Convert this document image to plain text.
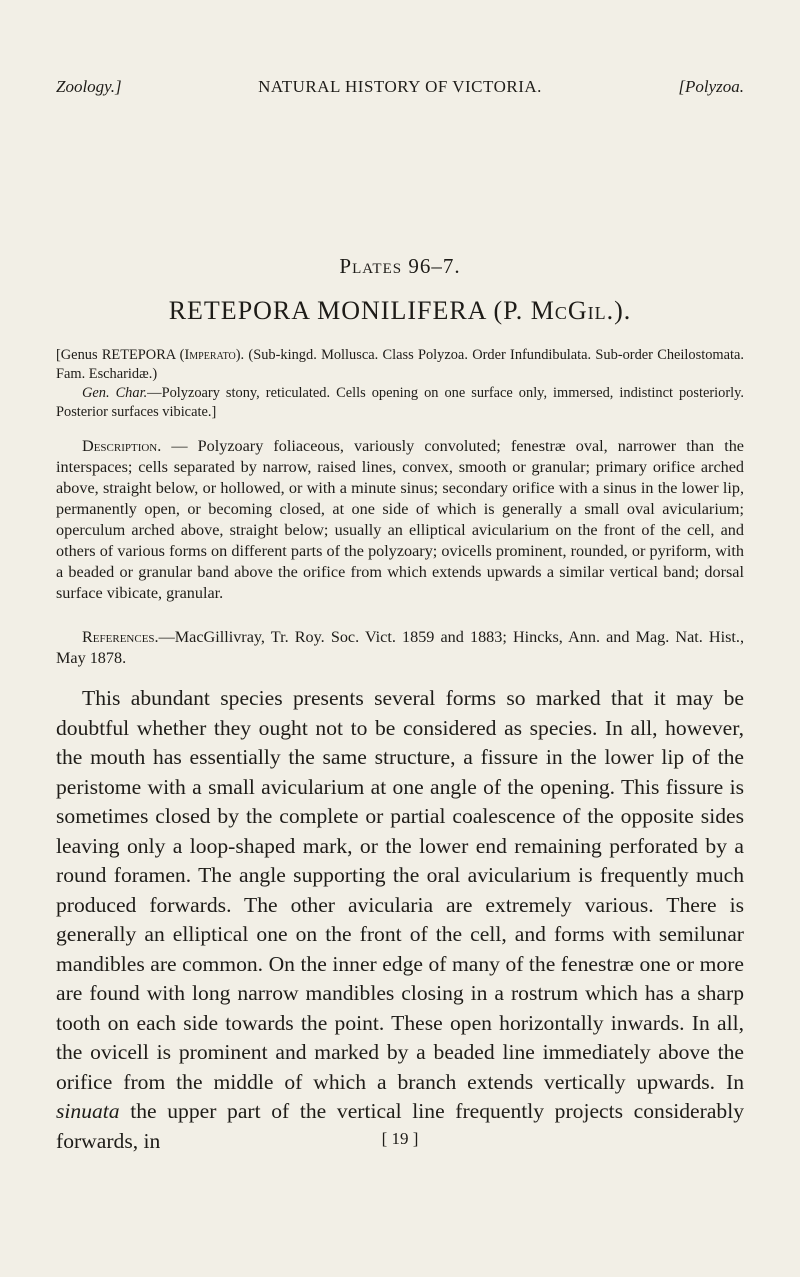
Zoology.]	NATURAL HISTORY OF VICTORIA.	[Polyzoa.
Plates 96–7.
RETEPORA MONILIFERA (P. McGil.).

[Genus RETEPORA (Imperato). (Sub-kingd. Mollusca. Class Polyzoa. Order Infundibulata. Sub-order Cheilostomata. Fam. Escharidæ.)

Gen. Char.—Polyzoary stony, reticulated. Cells opening on one surface only, immersed, indistinct posteriorly. Posterior surfaces vibicate.]

Description. — Polyzoary foliaceous, variously convoluted; fenestræ oval, narrower than the interspaces; cells separated by narrow, raised lines, convex, smooth or granular; primary orifice arched above, straight below, or hollowed, or with a minute sinus; secondary orifice with a sinus in the lower lip, permanently open, or becoming closed, at one side of which is generally a small oval avicularium; operculum arched above, straight below; usually an elliptical avicularium on the front of the cell, and others of various forms on different parts of the polyzoary; ovicells prominent, rounded, or pyriform, with a beaded or granular band above the orifice from which extends upwards a similar vertical band; dorsal surface vibicate, granular.

References.—MacGillivray, Tr. Roy. Soc. Vict. 1859 and 1883; Hincks, Ann. and Mag. Nat. Hist., May 1878.

This abundant species presents several forms so marked that it may be doubtful whether they ought not to be considered as species. In all, however, the mouth has essentially the same structure, a fissure in the lower lip of the peristome with a small avicularium at one angle of the opening. This fissure is sometimes closed by the complete or partial coalescence of the opposite sides leaving only a loop-shaped mark, or the lower end remaining perforated by a round foramen. The angle supporting the oral avicularium is frequently much produced forwards. The other avicularia are extremely various. There is generally an elliptical one on the front of the cell, and forms with semilunar mandibles are common. On the inner edge of many of the fenestræ one or more are found with long narrow mandibles closing in a rostrum which has a sharp tooth on each side towards the point. These open horizontally inwards. In all, the ovicell is prominent and marked by a beaded line immediately above the orifice from the middle of which a branch extends vertically upwards. In sinuata the upper part of the vertical line frequently projects considerably forwards, in	[ 19 ]
